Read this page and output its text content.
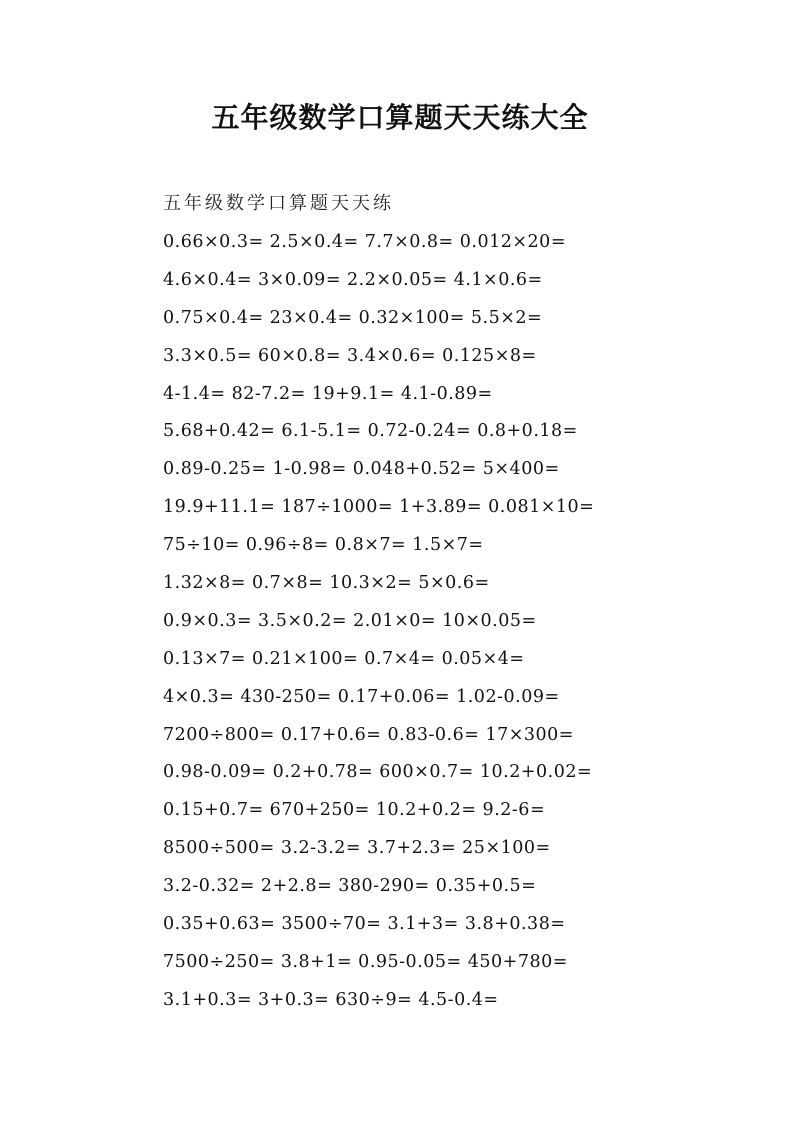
五年级数学口算题天天练大全
五年级数学口算题天天练
0.66×0.3= 2.5×0.4= 7.7×0.8= 0.012×20=
4.6×0.4= 3×0.09= 2.2×0.05= 4.1×0.6=
0.75×0.4= 23×0.4= 0.32×100= 5.5×2=
3.3×0.5= 60×0.8= 3.4×0.6= 0.125×8=
4-1.4= 82-7.2= 19+9.1= 4.1-0.89=
5.68+0.42= 6.1-5.1= 0.72-0.24= 0.8+0.18=
0.89-0.25= 1-0.98= 0.048+0.52= 5×400=
19.9+11.1= 187÷1000= 1+3.89= 0.081×10=
75÷10= 0.96÷8= 0.8×7= 1.5×7=
1.32×8= 0.7×8= 10.3×2= 5×0.6=
0.9×0.3= 3.5×0.2= 2.01×0= 10×0.05=
0.13×7= 0.21×100= 0.7×4= 0.05×4=
4×0.3= 430-250= 0.17+0.06= 1.02-0.09=
7200÷800= 0.17+0.6= 0.83-0.6= 17×300=
0.98-0.09= 0.2+0.78= 600×0.7= 10.2+0.02=
0.15+0.7= 670+250= 10.2+0.2= 9.2-6=
8500÷500= 3.2-3.2= 3.7+2.3= 25×100=
3.2-0.32= 2+2.8= 380-290= 0.35+0.5=
0.35+0.63= 3500÷70= 3.1+3= 3.8+0.38=
7500÷250= 3.8+1= 0.95-0.05= 450+780=
3.1+0.3= 3+0.3= 630÷9= 4.5-0.4=
